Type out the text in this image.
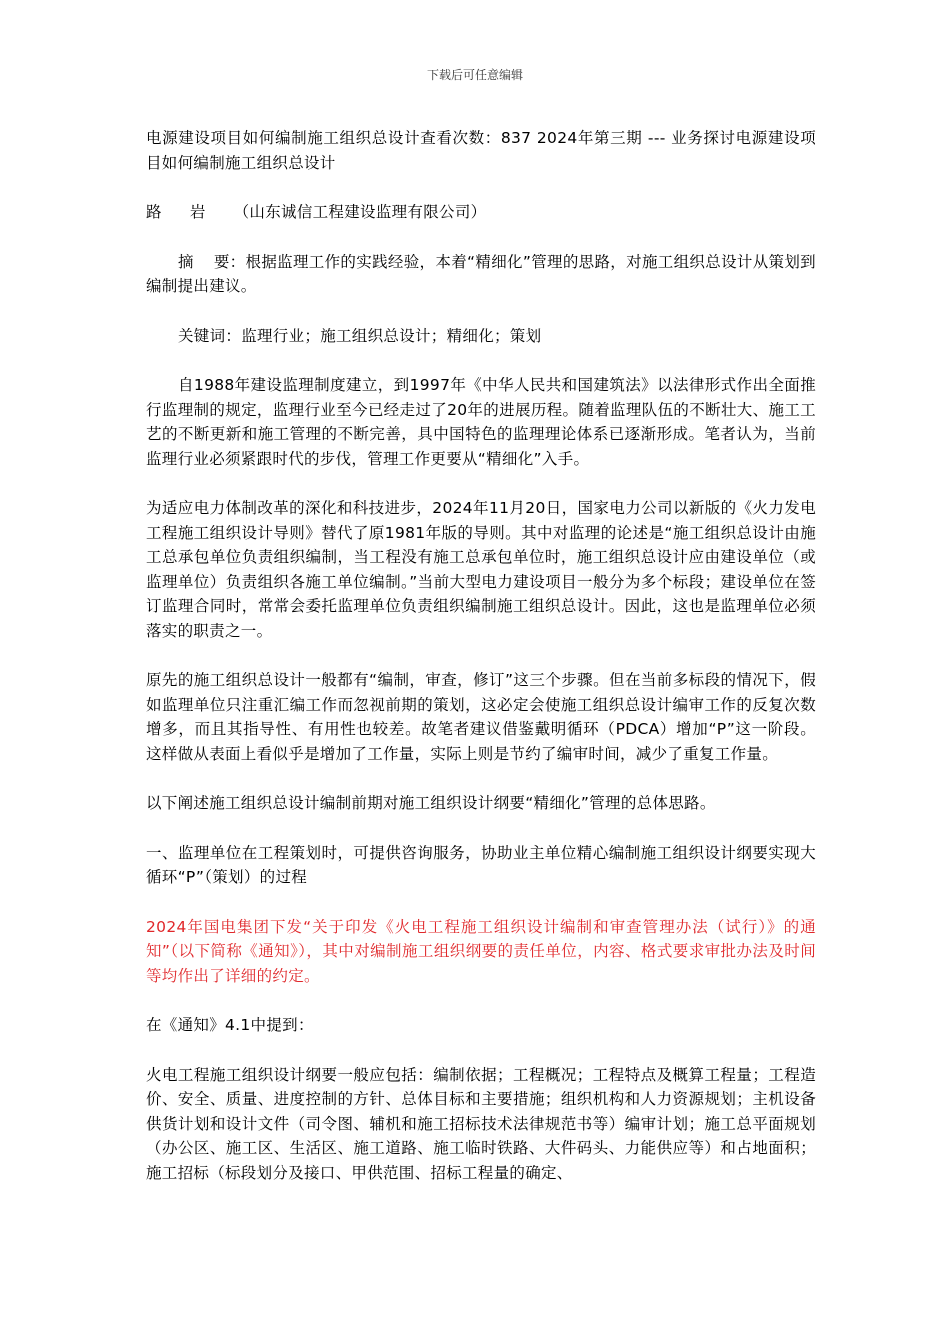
下载后可任意编辑

电源建设项目如何编制施工组织总设计查看次数：837 2024年第三期 --- 业务探讨电源建设项目如何编制施工组织总设计

路 岩 （山东诚信工程建设监理有限公司）

摘 要：根据监理工作的实践经验，本着“精细化”管理的思路，对施工组织总设计从策划到编制提出建议。

关键词：监理行业；施工组织总设计；精细化；策划

自1988年建设监理制度建立，到1997年《中华人民共和国建筑法》以法律形式作出全面推行监理制的规定，监理行业至今已经走过了20年的进展历程。随着监理队伍的不断壮大、施工工艺的不断更新和施工管理的不断完善，具中国特色的监理理论体系已逐渐形成。笔者认为，当前监理行业必须紧跟时代的步伐，管理工作更要从“精细化”入手。

为适应电力体制改革的深化和科技进步，2024年11月20日，国家电力公司以新版的《火力发电工程施工组织设计导则》替代了原1981年版的导则。其中对监理的论述是“施工组织总设计由施工总承包单位负责组织编制，当工程没有施工总承包单位时，施工组织总设计应由建设单位（或监理单位）负责组织各施工单位编制。”当前大型电力建设项目一般分为多个标段；建设单位在签订监理合同时，常常会委托监理单位负责组织编制施工组织总设计。因此，这也是监理单位必须落实的职责之一。

原先的施工组织总设计一般都有“编制，审查，修订”这三个步骤。但在当前多标段的情况下，假如监理单位只注重汇编工作而忽视前期的策划，这必定会使施工组织总设计编审工作的反复次数增多，而且其指导性、有用性也较差。故笔者建议借鉴戴明循环（PDCA）增加“P”这一阶段。这样做从表面上看似乎是增加了工作量，实际上则是节约了编审时间，减少了重复工作量。

以下阐述施工组织总设计编制前期对施工组织设计纲要“精细化”管理的总体思路。

一、监理单位在工程策划时，可提供咨询服务，协助业主单位精心编制施工组织设计纲要实现大循环“P”（策划）的过程

2024年国电集团下发“关于印发《火电工程施工组织设计编制和审查管理办法（试行）》的通知”（以下简称《通知》），其中对编制施工组织纲要的责任单位，内容、格式要求审批办法及时间等均作出了详细的约定。

在《通知》4.1中提到：

火电工程施工组织设计纲要一般应包括：编制依据；工程概况；工程特点及概算工程量；工程造价、安全、质量、进度控制的方针、总体目标和主要措施；组织机构和人力资源规划；主机设备供货计划和设计文件（司令图、辅机和施工招标技术法律规范书等）编审计划；施工总平面规划（办公区、施工区、生活区、施工道路、施工临时铁路、大件码头、力能供应等）和占地面积；施工招标（标段划分及接口、甲供范围、招标工程量的确定、
